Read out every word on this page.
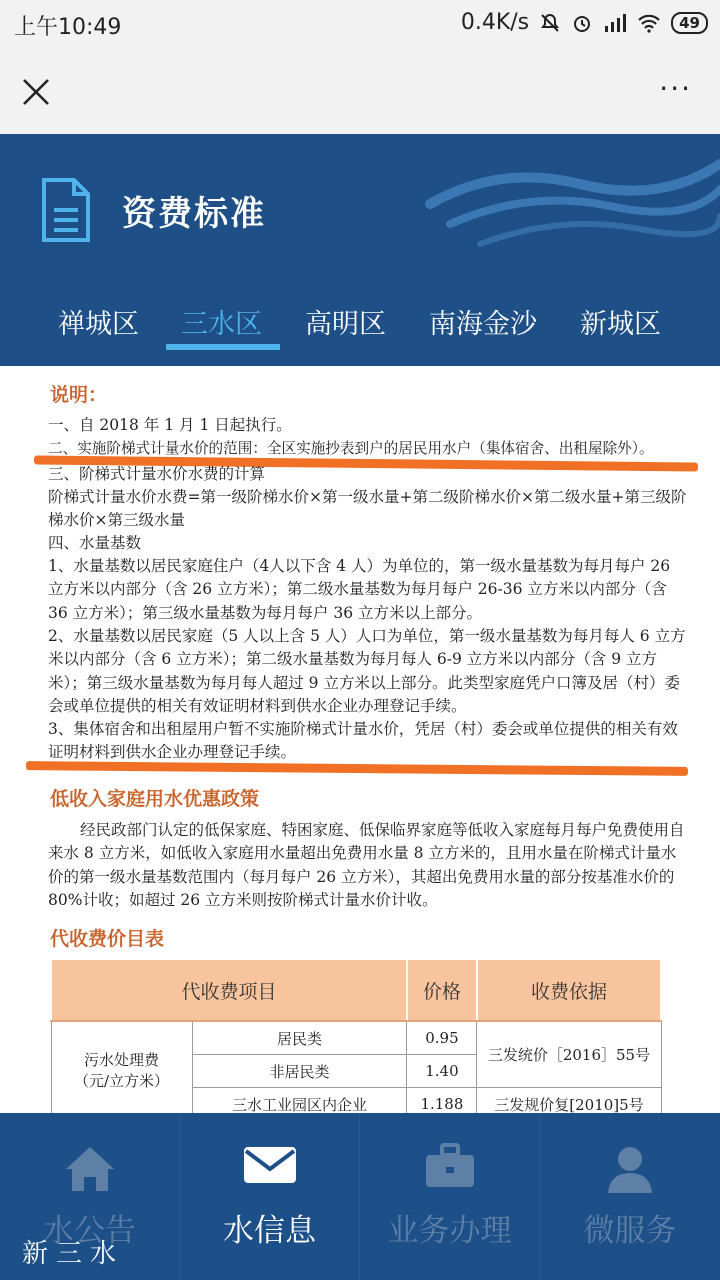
上午10:49	0.4K/s	49
···
资费标准
禅城区 三水区 高明区 南海金沙 新城区
说明：
一、自 2018 年 1 月 1 日起执行。
二、实施阶梯式计量水价的范围：全区实施抄表到户的居民用水户（集体宿舍、出租屋除外）。
三、阶梯式计量水价水费的计算
阶梯式计量水价水费=第一级阶梯水价×第一级水量+第二级阶梯水价×第二级水量+第三级阶梯水价×第三级水量
四、水量基数
1、水量基数以居民家庭住户（4人以下含 4 人）为单位的，第一级水量基数为每月每户 26 立方米以内部分（含 26 立方米）；第二级水量基数为每月每户 26-36 立方米以内部分（含 36 立方米）；第三级水量基数为每月每户 36 立方米以上部分。
2、水量基数以居民家庭（5 人以上含 5 人）人口为单位，第一级水量基数为每月每人 6 立方米以内部分（含 6 立方米）；第二级水量基数为每月每人 6-9 立方米以内部分（含 9 立方米）；第三级水量基数为每月每人超过 9 立方米以上部分。此类型家庭凭户口簿及居（村）委会或单位提供的相关有效证明材料到供水企业办理登记手续。
3、集体宿舍和出租屋用户暂不实施阶梯式计量水价，凭居（村）委会或单位提供的相关有效证明材料到供水企业办理登记手续。
低收入家庭用水优惠政策
经民政部门认定的低保家庭、特困家庭、低保临界家庭等低收入家庭每月每户免费使用自来水 8 立方米，如低收入家庭用水量超出免费用水量 8 立方米的，且用水量在阶梯式计量水价的第一级水量基数范围内（每月每户 26 立方米），其超出免费用水量的部分按基准水价的 80%计收；如超过 26 立方米则按阶梯式计量水价计收。
代收费价目表
代收费项目		价格	收费依据

污水处理费
（元/立方米）	居民类	0.95	三发统价［2016］55号
	非居民类	1.40	
	三水工业园区内企业	1.188	三发规价复[2010]5号
水公告	水信息	业务办理	微服务
新三水
